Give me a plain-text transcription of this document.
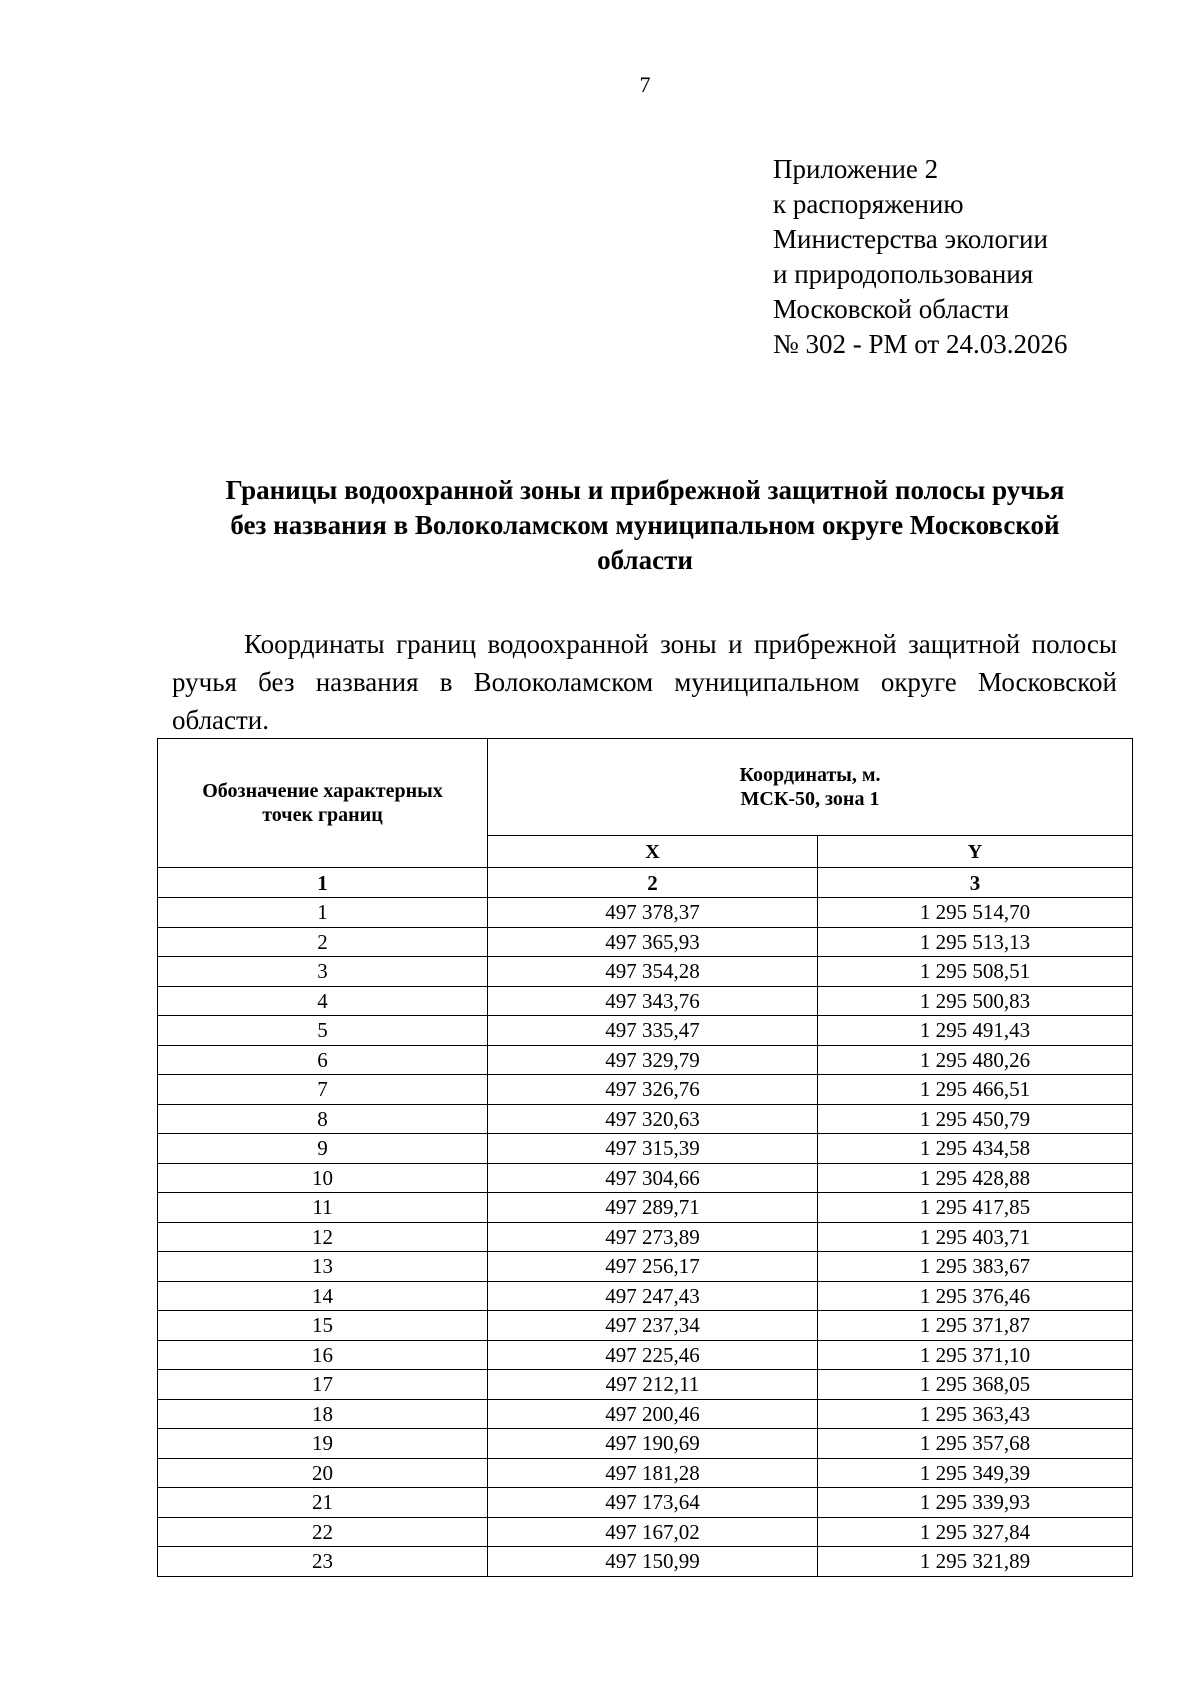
7
Приложение 2
к распоряжению
Министерства экологии
и природопользования
Московской области
№ 302 - РМ от 24.03.2026
Границы водоохранной зоны и прибрежной защитной полосы ручья
без названия в Волоколамском муниципальном округе Московской
области
Координаты границ водоохранной зоны и прибрежной защитной полосы ручья без названия в Волоколамском муниципальном округе Московской области.
Обозначение характерных
точек границ	Координаты, м.
МСК-50, зона 1	

	X	Y
1	2	3
1	497 378,37	1 295 514,70
2	497 365,93	1 295 513,13
3	497 354,28	1 295 508,51
4	497 343,76	1 295 500,83
5	497 335,47	1 295 491,43
6	497 329,79	1 295 480,26
7	497 326,76	1 295 466,51
8	497 320,63	1 295 450,79
9	497 315,39	1 295 434,58
10	497 304,66	1 295 428,88
11	497 289,71	1 295 417,85
12	497 273,89	1 295 403,71
13	497 256,17	1 295 383,67
14	497 247,43	1 295 376,46
15	497 237,34	1 295 371,87
16	497 225,46	1 295 371,10
17	497 212,11	1 295 368,05
18	497 200,46	1 295 363,43
19	497 190,69	1 295 357,68
20	497 181,28	1 295 349,39
21	497 173,64	1 295 339,93
22	497 167,02	1 295 327,84
23	497 150,99	1 295 321,89
